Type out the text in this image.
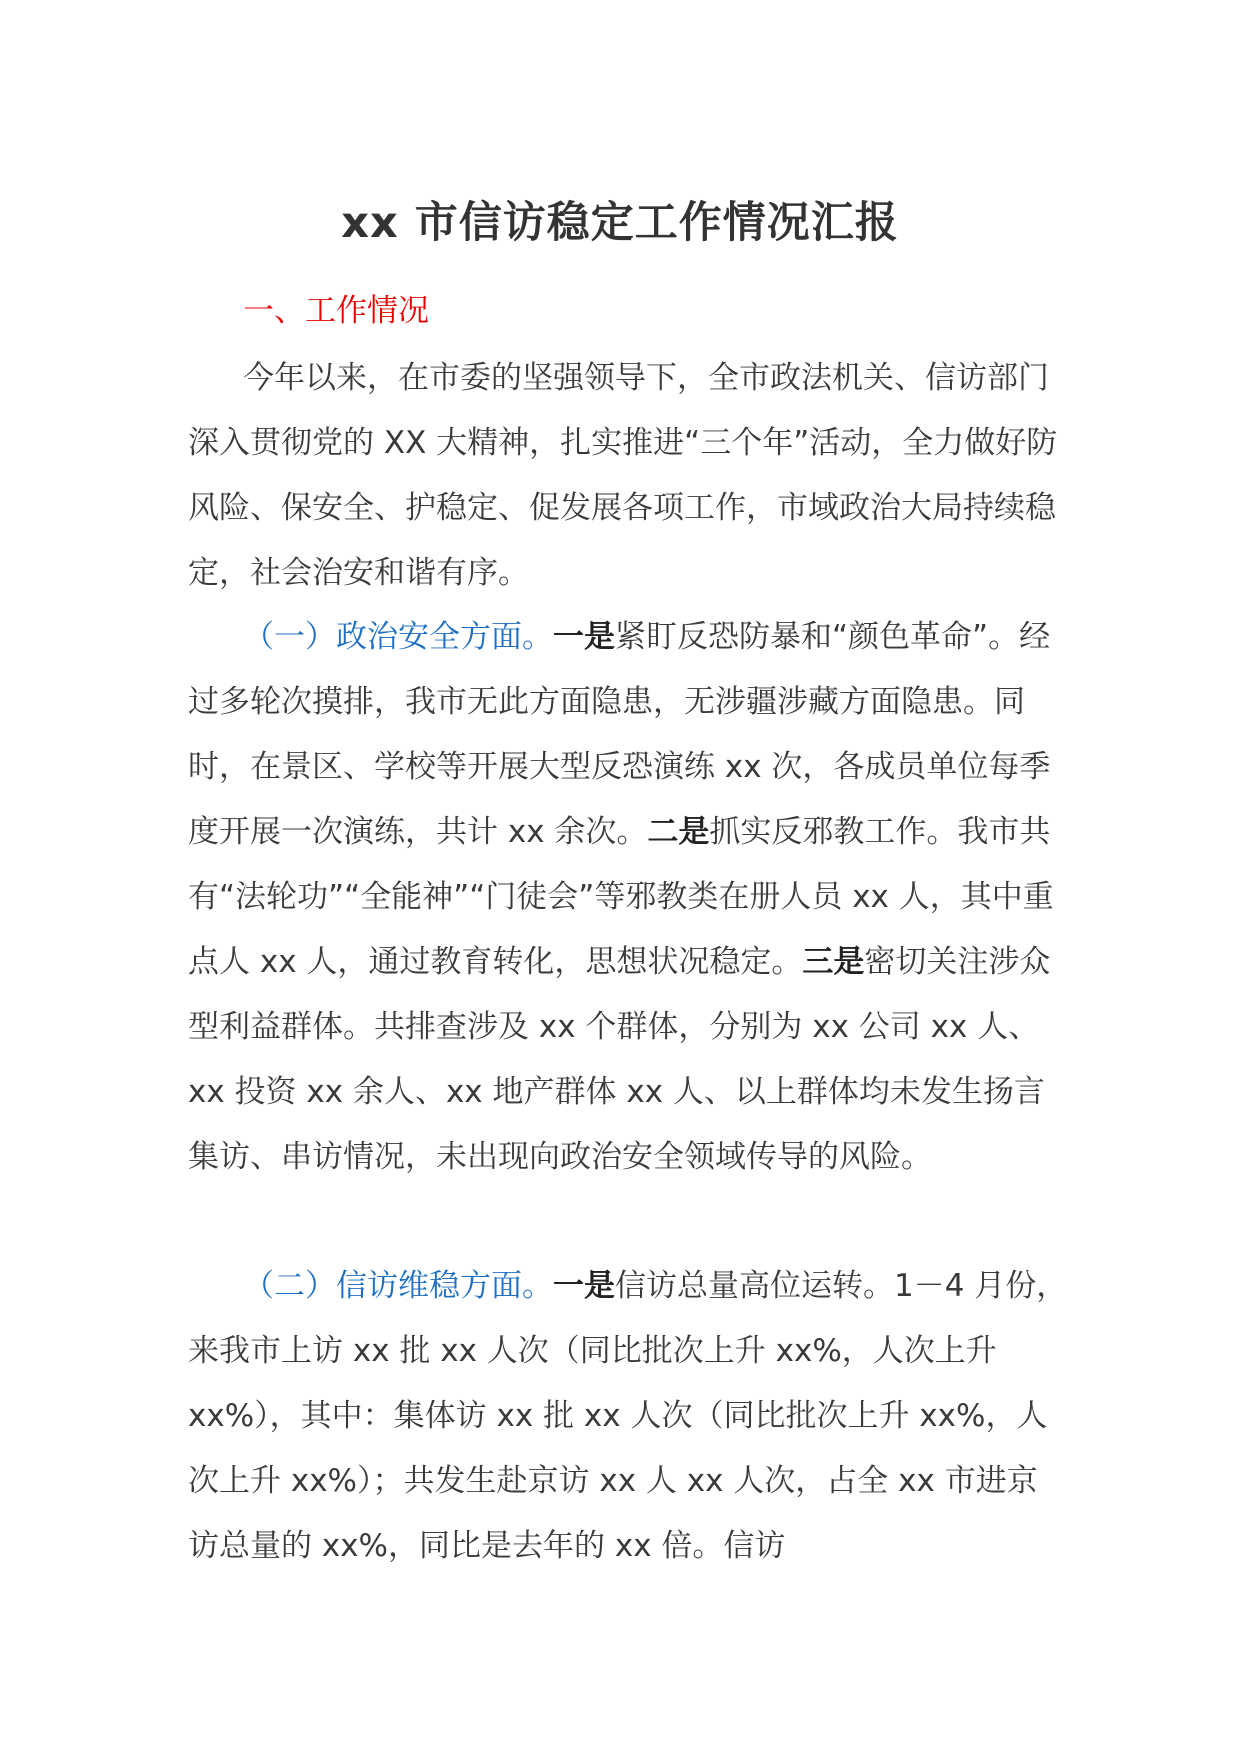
xx 市信访稳定工作情况汇报
一、工作情况

今年以来，在市委的坚强领导下，全市政法机关、信访部门深入贯彻党的 XX 大精神，扎实推进“三个年”活动，全力做好防风险、保安全、护稳定、促发展各项工作，市域政治大局持续稳定，社会治安和谐有序。

（一）政治安全方面。一是紧盯反恐防暴和“颜色革命”。经过多轮次摸排，我市无此方面隐患，无涉疆涉藏方面隐患。同时，在景区、学校等开展大型反恐演练 xx 次，各成员单位每季度开展一次演练，共计 xx 余次。二是抓实反邪教工作。我市共有“法轮功”“全能神”“门徒会”等邪教类在册人员 xx 人，其中重点人 xx 人，通过教育转化，思想状况稳定。三是密切关注涉众型利益群体。共排查涉及 xx 个群体，分别为 xx 公司 xx 人、xx 投资 xx 余人、xx 地产群体 xx 人、以上群体均未发生扬言集访、串访情况，未出现向政治安全领域传导的风险。

（二）信访维稳方面。一是信访总量高位运转。1－4 月份，来我市上访 xx 批 xx 人次（同比批次上升 xx%，人次上升 xx%），其中：集体访 xx 批 xx 人次（同比批次上升 xx%，人次上升 xx%）；共发生赴京访 xx 人 xx 人次，占全 xx 市进京访总量的 xx%，同比是去年的 xx 倍。信访
